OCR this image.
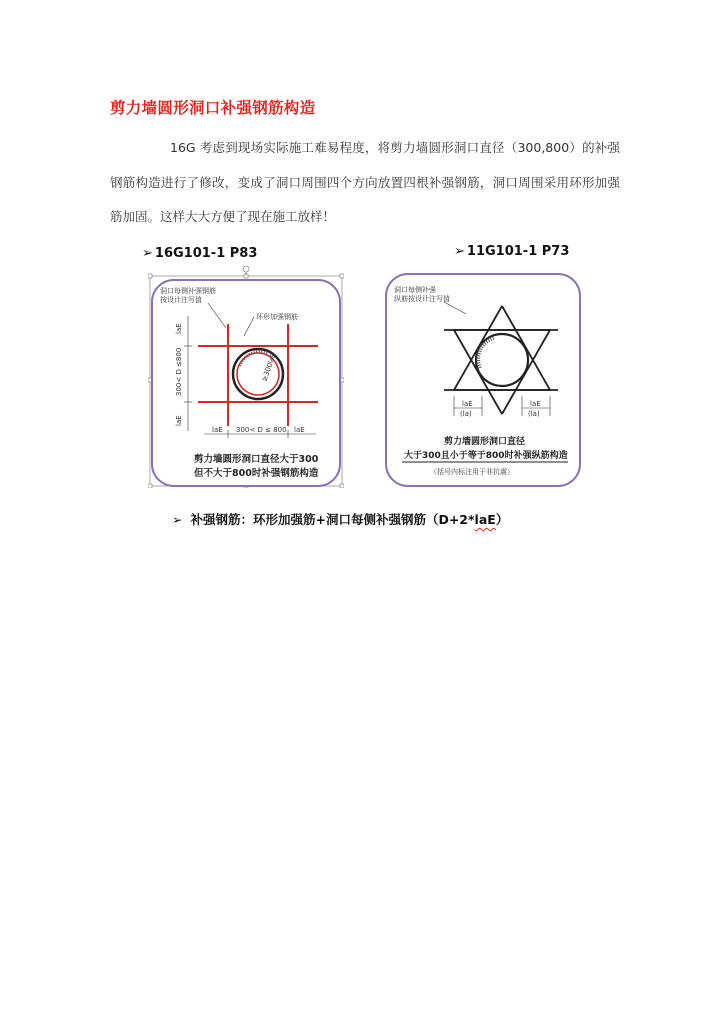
剪力墙圆形洞口补强钢筋构造
16G 考虑到现场实际施工难易程度，将剪力墙圆形洞口直径（300,800）的补强钢筋构造进行了修改，变成了洞口周围四个方向放置四根补强钢筋，洞口周围采用环形加强筋加固。这样大大方便了现在施工放样！
➢ 16G101-1 P83	➢ 11G101-1 P73
洞口每侧补强钢筋
按设计注写值
环形加强钢筋
≥300
laE
laE
300< D ≤800
laE
laE 300< D ≤ 800 laE
剪力墙圆形洞口直径大于300
但不大于800时补强钢筋构造
洞口每侧补强
纵筋按设计注写值
laE
(la)
laE
(la)
剪力墙圆形洞口直径
大于300且小于等于800时补强纵筋构造
（括号内标注用于非抗震）
➢ 补强钢筋：环形加强筋+洞口每侧补强钢筋（D+2*laE）
